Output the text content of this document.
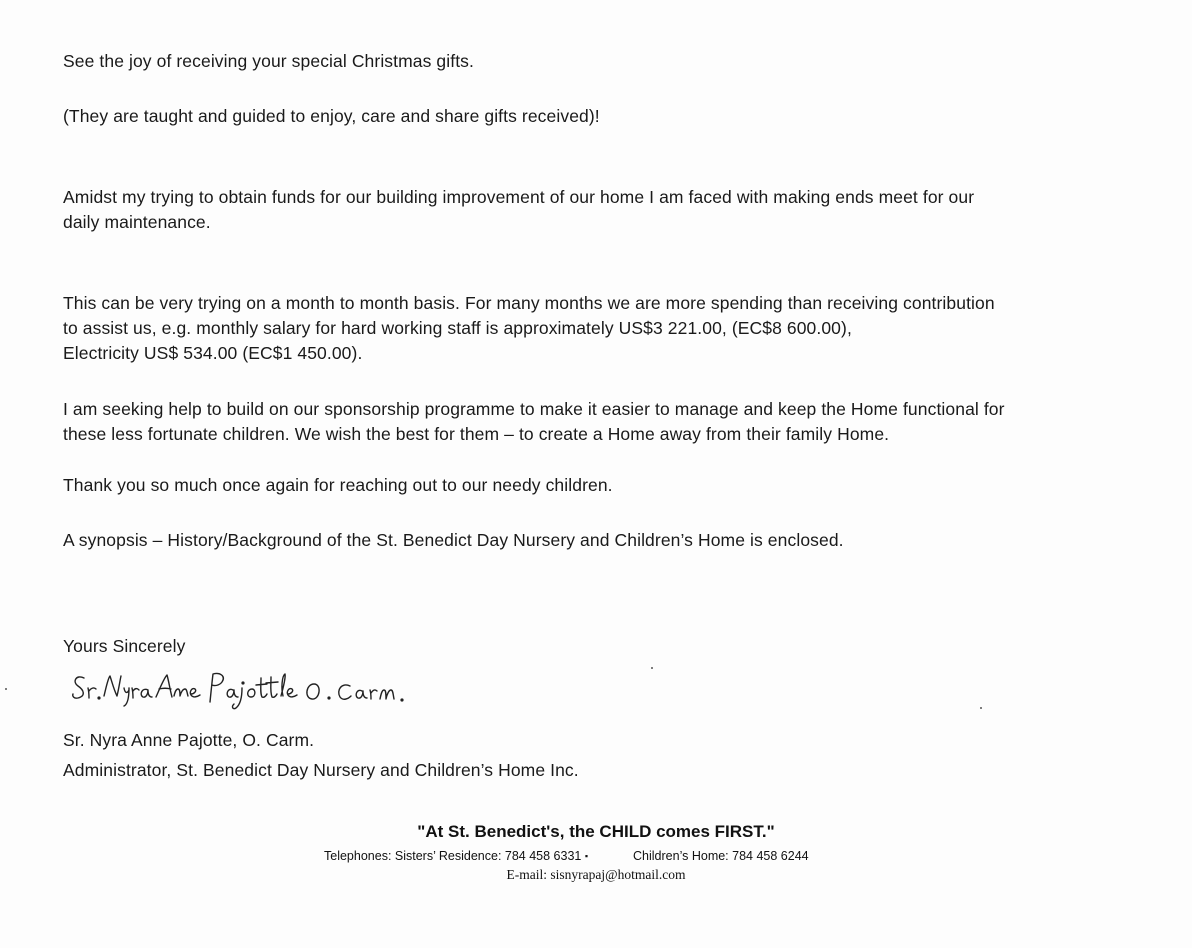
See the joy of receiving your special Christmas gifts.

(They are taught and guided to enjoy, care and share gifts received)!

Amidst my trying to obtain funds for our building improvement of our home I am faced with making ends meet for our
daily maintenance.

This can be very trying on a month to month basis. For many months we are more spending than receiving contribution
to assist us, e.g. monthly salary for hard working staff is approximately US$3 221.00, (EC$8 600.00),
Electricity US$ 534.00 (EC$1 450.00).

I am seeking help to build on our sponsorship programme to make it easier to manage and keep the Home functional for
these less fortunate children. We wish the best for them – to create a Home away from their family Home.

Thank you so much once again for reaching out to our needy children.

A synopsis – History/Background of the St. Benedict Day Nursery and Children’s Home is enclosed.

Yours Sincerely

Sr. Nyra Anne Pajotte, O. Carm.
Administrator, St. Benedict Day Nursery and Children’s Home Inc.

"At St. Benedict's, the CHILD comes FIRST."
Telephones: Sisters’ Residence: 784 458 6331 ▪	Children’s Home: 784 458 6244
E-mail: sisnyrapaj@hotmail.com
